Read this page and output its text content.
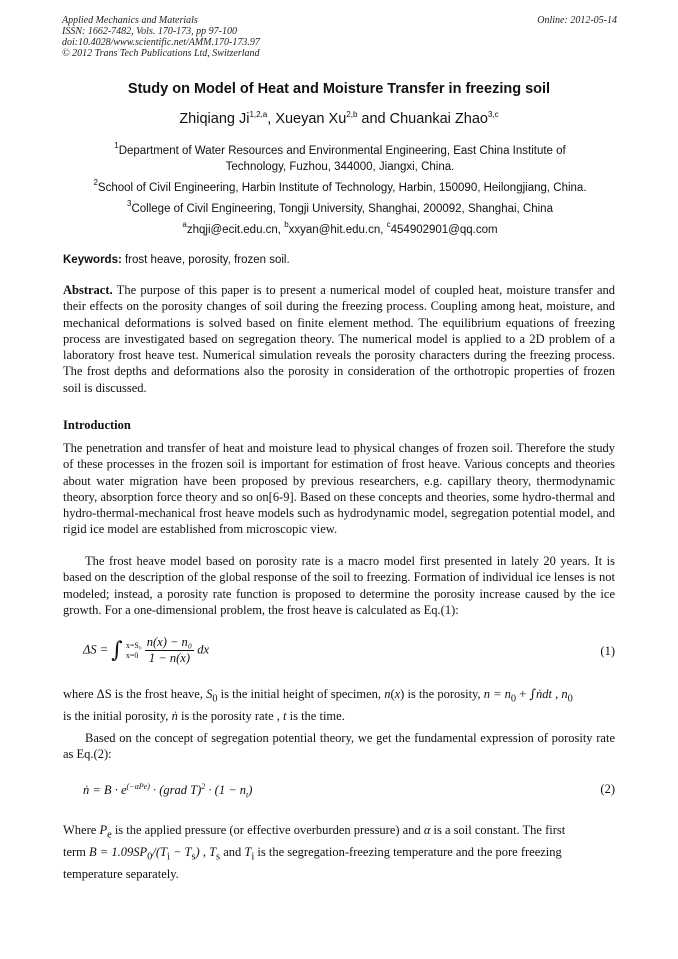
Applied Mechanics and Materials
ISSN: 1662-7482, Vols. 170-173, pp 97-100
doi:10.4028/www.scientific.net/AMM.170-173.97
© 2012 Trans Tech Publications Ltd, Switzerland
Online: 2012-05-14
Study on Model of Heat and Moisture Transfer in freezing soil
Zhiqiang Ji$^{1,2,a}$, Xueyan Xu$^{2,b}$ and Chuankai Zhao$^{3,c}$
$^1$Department of Water Resources and Environmental Engineering, East China Institute of
Technology, Fuzhou, 344000, Jiangxi, China.
$^2$School of Civil Engineering, Harbin Institute of Technology, Harbin, 150090, Heilongjiang, China.
$^3$College of Civil Engineering, Tongji University, Shanghai, 200092, Shanghai, China
$^a$zhqji@ecit.edu.cn, $^b$xxyan@hit.edu.cn, $^c$454902901@qq.com
Keywords: frost heave, porosity, frozen soil.
Abstract. The purpose of this paper is to present a numerical model of coupled heat, moisture transfer and their effects on the porosity changes of soil during the freezing process. Coupling among heat, moisture, and mechanical deformations is solved based on finite element method. The equilibrium equations of freezing process are investigated based on segregation theory. The numerical model is applied to a 2D problem of a laboratory frost heave test. Numerical simulation reveals the porosity characters during the freezing process. The frost depths and deformations also the porosity in consideration of the orthotropic properties of frozen soil is discussed.
Introduction
The penetration and transfer of heat and moisture lead to physical changes of frozen soil. Therefore the study of these processes in the frozen soil is important for estimation of frost heave. Various concepts and theories about water migration have been proposed by previous researchers, e.g. capillary theory, thermodynamic theory, absorption force theory and so on[6-9]. Based on these concepts and theories, some hydro-thermal and hydro-thermal-mechanical frost heave models such as hydrodynamic model, segregation potential model, and rigid ice model are established from microscopic view.
The frost heave model based on porosity rate is a macro model first presented in lately 20 years. It is based on the description of the global response of the soil to freezing. Formation of individual ice lenses is not modeled; instead, a porosity rate function is proposed to determine the porosity increase caused by the ice growth. For a one-dimensional problem, the frost heave is calculated as Eq.(1):
ΔS = ∫ x=S₀
x=0
$\frac{\text{n(x) − n₀}}{1 - n(x)}$ dx	(1)
where ΔS is the frost heave, $S_0$ is the initial height of specimen, n(x) is the porosity, $n = n_0$ + ∫ṅdt , $n_0$
is the initial porosity, ṅ is the porosity rate , t is the time.
Based on the concept of segregation potential theory, we get the fundamental expression of porosity rate as Eq.(2):
ṅ = $B \cdot e^{(-\alpha Pe)}$ · (grad $T)^2 \cdot (1 - n_t)$	(2)
Where $P_e$ is the applied pressure (or effective overburden pressure) and α is a soil constant. The first
term $B = 1.09SP_0/(T_i - T_s)$ , $T_s$ and $T_i$ is the segregation-freezing temperature and the pore freezing
temperature separately.
